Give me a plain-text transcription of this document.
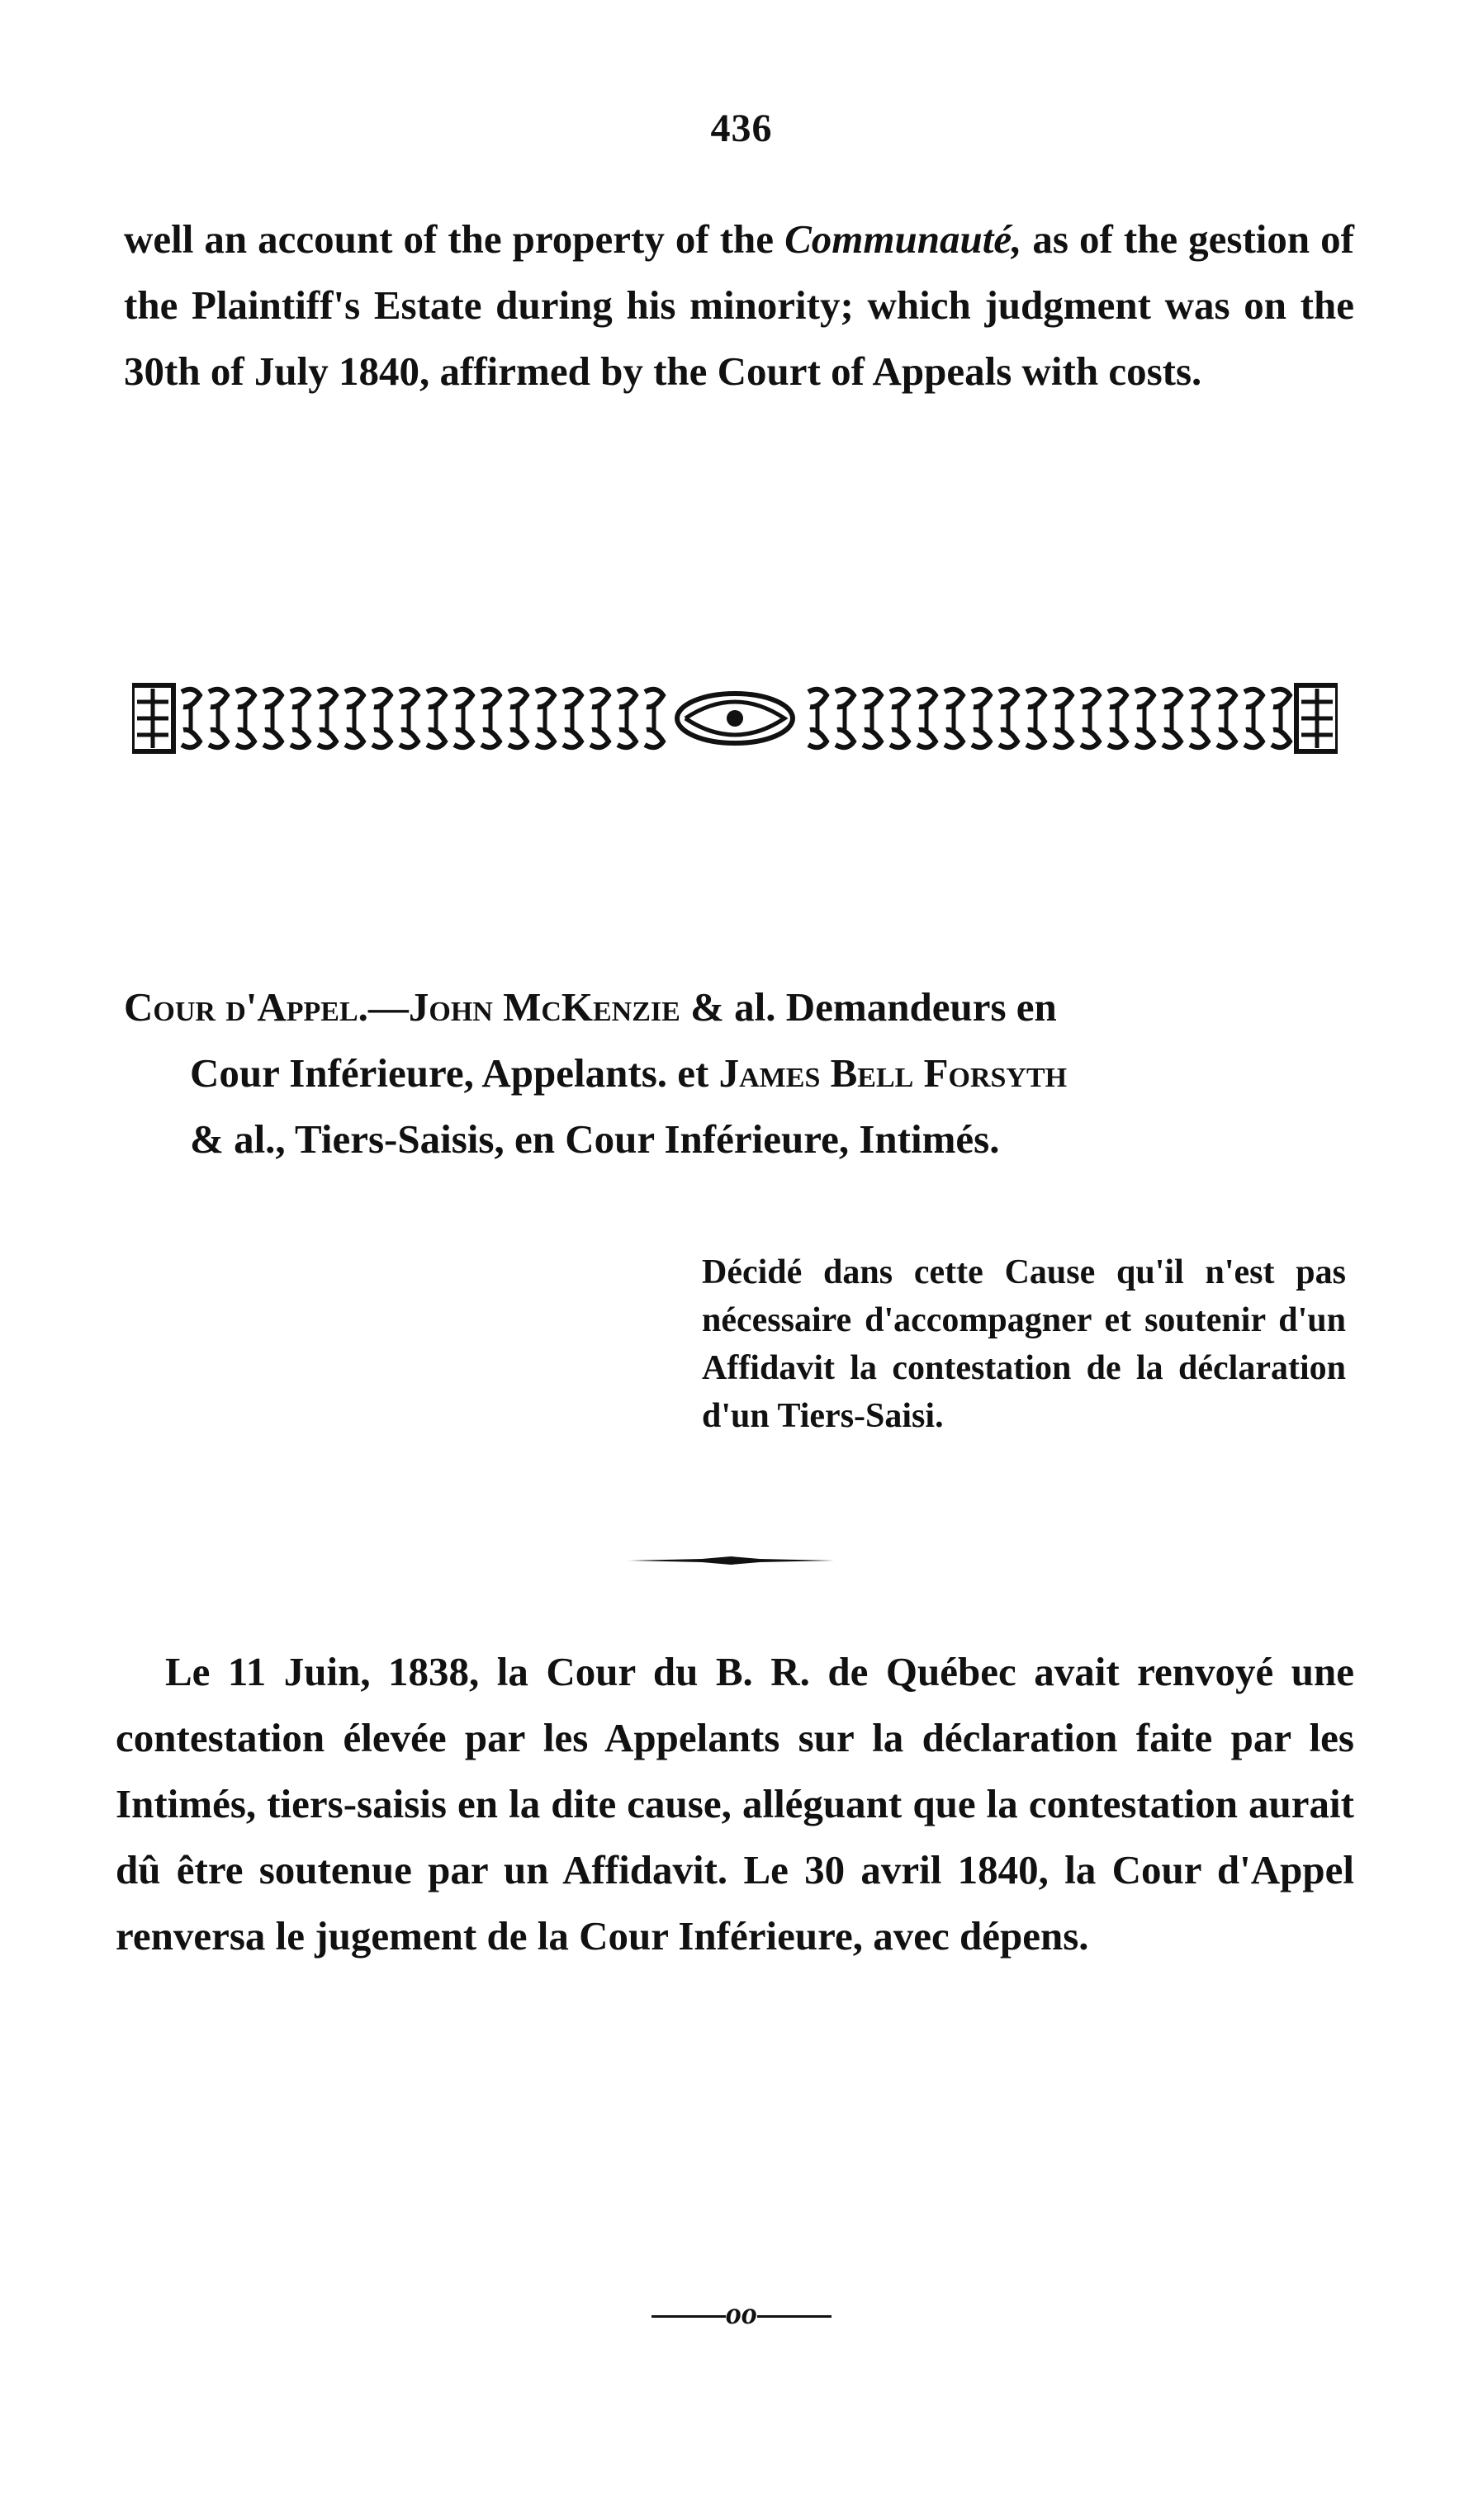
436
well an account of the property of the Communauté, as of the gestion of the Plaintiff's Estate during his minority; which judgment was on the 30th of July 1840, affirmed by the Court of Appeals with costs.
Cour d'Appel.—John McKenzie & al. Demandeurs en
Cour Inférieure, Appelants. et James Bell Forsyth
& al., Tiers-Saisis, en Cour Inférieure, Intimés.
Décidé dans cette Cause qu'il n'est pas nécessaire d'accompagner et soutenir d'un Affidavit la contestation de la déclaration d'un Tiers-Saisi.
Le 11 Juin, 1838, la Cour du B. R. de Québec avait renvoyé une contestation élevée par les Appelants sur la déclaration faite par les Intimés, tiers-saisis en la dite cause, alléguant que la contestation aurait dû être soutenue par un Affidavit. Le 30 avril 1840, la Cour d'Appel renversa le jugement de la Cour Inférieure, avec dépens.
oo
